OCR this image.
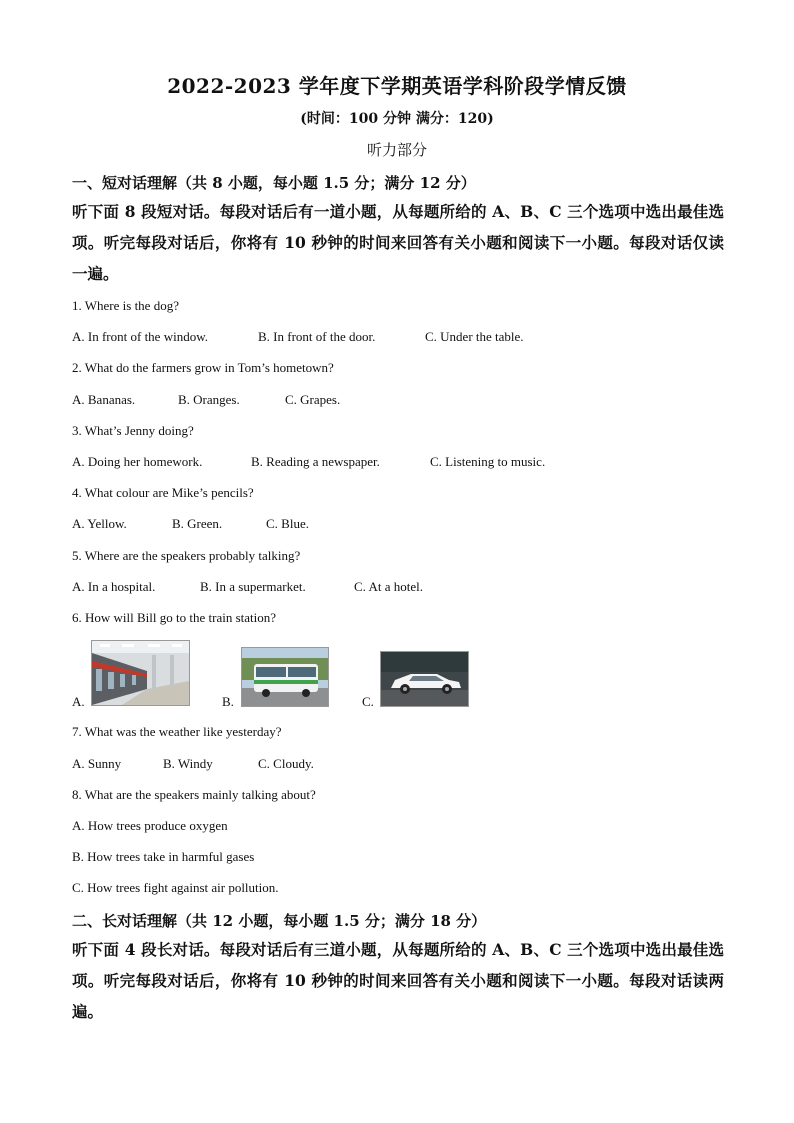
2022-2023 学年度下学期英语学科阶段学情反馈
(时间：100 分钟 满分：120)
听力部分
一、短对话理解（共 8 小题，每小题 1.5 分；满分 12 分）
听下面 8 段短对话。每段对话后有一道小题，从每题所给的 A、B、C 三个选项中选出最佳选项。听完每段对话后，你将有 10 秒钟的时间来回答有关小题和阅读下一小题。每段对话仅读一遍。
1. Where is the dog?
A. In front of the window.	B. In front of the door.	C. Under the table.
2. What do the farmers grow in Tom’s hometown?
A. Bananas.	B. Oranges.	C. Grapes.
3. What’s Jenny doing?
A. Doing her homework.	B. Reading a newspaper.	C. Listening to music.
4. What colour are Mike’s pencils?
A. Yellow.	B. Green.	C. Blue.
5. Where are the speakers probably talking?
A. In a hospital.	B. In a supermarket.	C. At a hotel.
6. How will Bill go to the train station?
A.	B.	C.
7. What was the weather like yesterday?
A. Sunny	B. Windy	C. Cloudy.
8. What are the speakers mainly talking about?
A. How trees produce oxygen
B. How trees take in harmful gases
C. How trees fight against air pollution.
二、长对话理解（共 12 小题，每小题 1.5 分；满分 18 分）
听下面 4 段长对话。每段对话后有三道小题，从每题所给的 A、B、C 三个选项中选出最佳选项。听完每段对话后，你将有 10 秒钟的时间来回答有关小题和阅读下一小题。每段对话读两遍。
